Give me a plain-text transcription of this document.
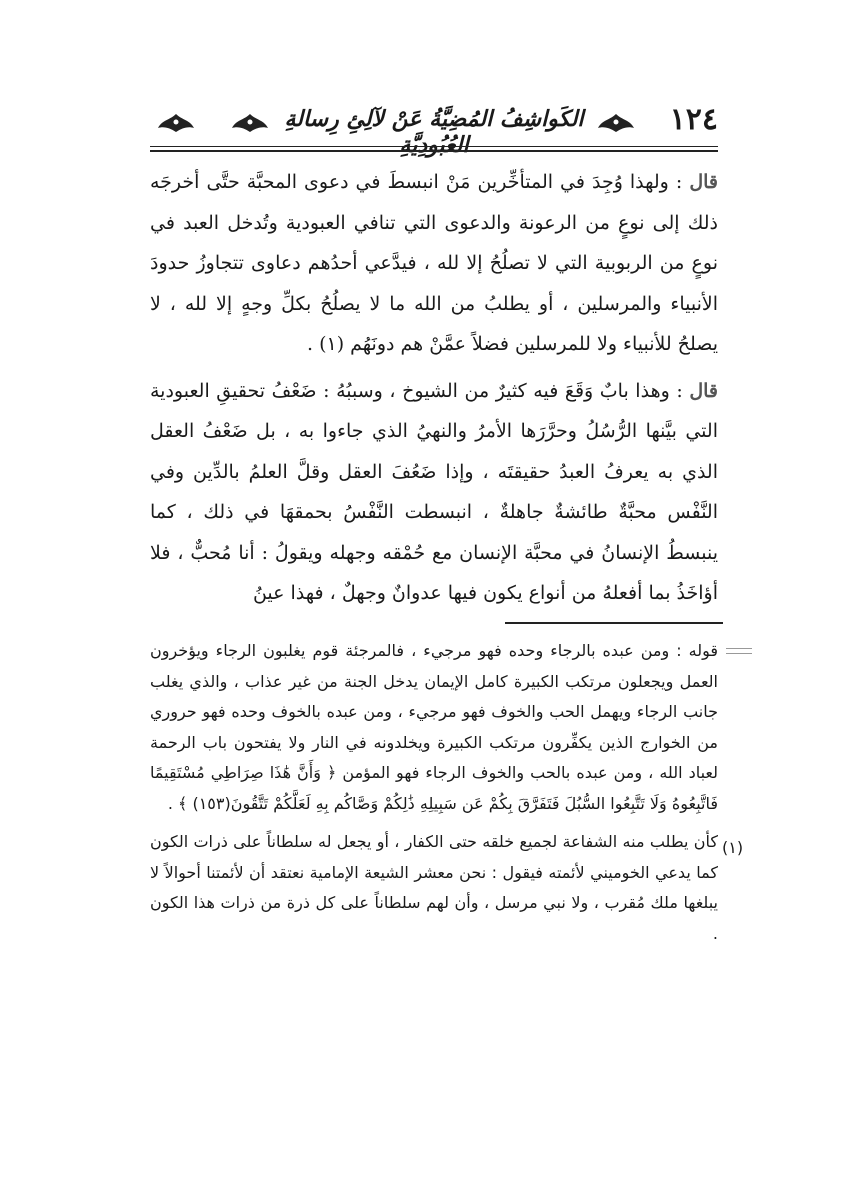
الكَواشِفُ المُضِيَّةُ عَنْ لآلِئِ رِسالةِ العُبُودِيَّةِ
١٢٤

قال : ولهذا وُجِدَ في المتأخِّرين مَنْ انبسطَ في دعوى المحبَّة حتَّى أخرجَه ذلك إلى نوعٍ من الرعونة والدعوى التي تنافي العبودية وتُدخل العبد في نوعٍ من الربوبية التي لا تصلُحُ إلا لله ، فيدَّعي أحدُهم دعاوى تتجاوزُ حدودَ الأنبياء والمرسلين ، أو يطلبُ من الله ما لا يصلُحُ بكلِّ وجهٍ إلا لله ، لا يصلحُ للأنبياء ولا للمرسلين فضلاً عمَّنْ هم دونَهُم (١) .

قال : وهذا بابٌ وَقَعَ فيه كثيرٌ من الشيوخ ، وسببُهُ : ضَعْفُ تحقيقِ العبودية التي بيَّنها الرُّسُلُ وحرَّرَها الأمرُ والنهيُ الذي جاءوا به ، بل ضَعْفُ العقل الذي به يعرفُ العبدُ حقيقتَه ، وإذا ضَعُفَ العقل وقلَّ العلمُ بالدِّين وفي النَّفْس محبَّةٌ طائشةٌ جاهلةٌ ، انبسطت النَّفْسُ بحمقهَا في ذلك ، كما ينبسطُ الإنسانُ في محبَّة الإنسان مع حُمْقه وجهله ويقولُ : أنا مُحبٌّ ، فلا أؤاخَذُ بما أفعلهُ من أنواع يكون فيها عدوانٌ وجهلٌ ، فهذا عينُ

قوله : ومن عبده بالرجاء وحده فهو مرجيء ، فالمرجئة قوم يغلبون الرجاء ويؤخرون العمل ويجعلون مرتكب الكبيرة كامل الإيمان يدخل الجنة من غير عذاب ، والذي يغلب جانب الرجاء ويهمل الحب والخوف فهو مرجيء ، ومن عبده بالخوف وحده فهو حروري من الخوارج الذين يكفِّرون مرتكب الكبيرة ويخلدونه في النار ولا يفتحون باب الرحمة لعباد الله ، ومن عبده بالحب والخوف الرجاء فهو المؤمن ﴿ وَأَنَّ هَٰذَا صِرَاطِي مُسْتَقِيمًا فَاتَّبِعُوهُ وَلَا تَتَّبِعُوا السُّبُلَ فَتَفَرَّقَ بِكُمْ عَن سَبِيلِهِ ذَٰلِكُمْ وَصَّاكُم بِهِ لَعَلَّكُمْ تَتَّقُونَ(١٥٣) ﴾ .

كأن يطلب منه الشفاعة لجميع خلقه حتى الكفار ، أو يجعل له سلطاناً على ذرات الكون كما يدعي الخوميني لأئمته فيقول : نحن معشر الشيعة الإمامية نعتقد أن لأئمتنا أحوالاً لا يبلغها ملك مُقرب ، ولا نبي مرسل ، وأن لهم سلطاناً على كل ذرة من ذرات هذا الكون .

(١)
